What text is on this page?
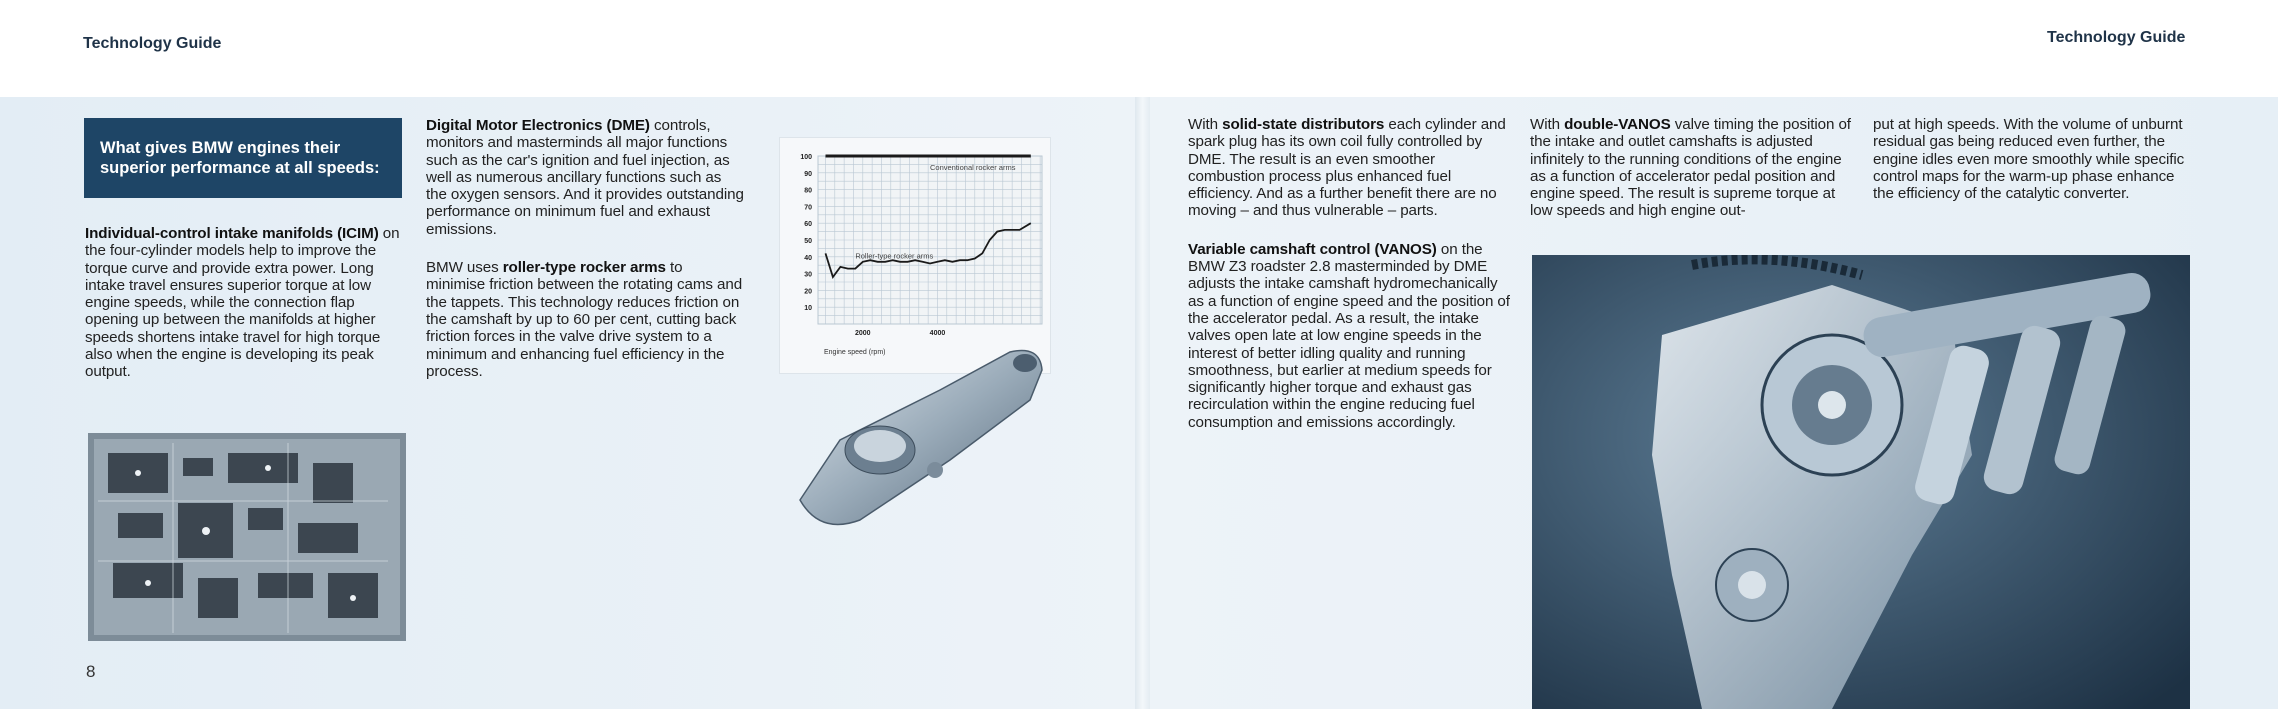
Technology Guide	Technology Guide
What gives BMW engines their
superior performance at all speeds:

Individual-control intake manifolds (ICIM) on the four-cylinder models help to improve the torque curve and provide extra power. Long intake travel ensures superior torque at low engine speeds, while the connection flap opening up between the manifolds at higher speeds shortens intake travel for high torque also when the engine is developing its peak output.

Digital Motor Electronics (DME) controls, monitors and masterminds all major functions such as the car's ignition and fuel injection, as well as numerous ancillary functions such as the oxygen sensors. And it provides outstanding performance on minimum fuel and exhaust emissions.

BMW uses roller-type rocker arms to minimise friction between the rotating cams and the tappets. This technology reduces friction on the camshaft by up to 60 per cent, cutting back friction forces in the valve drive system to a minimum and enhancing fuel efficiency in the process.

With solid-state distributors each cylinder and spark plug has its own coil fully controlled by DME. The result is an even smoother combustion process plus enhanced fuel efficiency. And as a further benefit there are no moving – and thus vulnerable – parts.

Variable camshaft control (VANOS) on the BMW Z3 roadster 2.8 masterminded by DME adjusts the intake camshaft hydromechanically as a function of engine speed and the position of the accelerator pedal. As a result, the intake valves open late at low engine speeds in the interest of better idling quality and running smoothness, but earlier at medium speeds for significantly higher torque and exhaust gas recirculation within the engine reducing fuel consumption and emissions accordingly.

With double-VANOS valve timing the position of the intake and outlet camshafts is adjusted infinitely to the running conditions of the engine as a function of accelerator pedal position and engine speed. The result is supreme torque at low speeds and high engine out-

put at high speeds. With the volume of unburnt residual gas being reduced even further, the engine idles even more smoothly while specific control maps for the warm-up phase enhance the efficiency of the catalytic converter.

100
90
80
70
60
50
40
30
20
10
2000	4000
Conventional rocker arms
Roller-type rocker arms
Engine speed (rpm)
8
